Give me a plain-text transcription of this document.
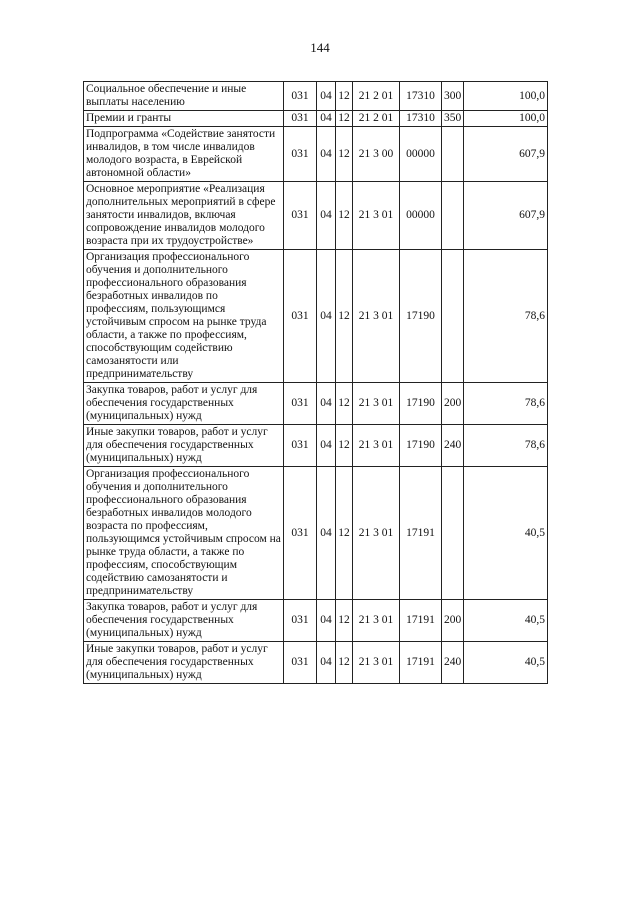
144
Социальное обеспечение и иные выплаты населению	031	04	12	21 2 01	17310	300	100,0
Премии и гранты	031	04	12	21 2 01	17310	350	100,0
Подпрограмма «Содействие занятости инвалидов, в том числе инвалидов молодого возраста, в Еврейской автономной области»	031	04	12	21 3 00	00000		607,9
Основное мероприятие «Реализация дополнительных мероприятий в сфере занятости инвалидов, включая сопровождение инвалидов молодого возраста при их трудоустройстве»	031	04	12	21 3 01	00000		607,9
Организация профессионального обучения и дополнительного профессионального образования безработных инвалидов по профессиям, пользующимся устойчивым спросом на рынке труда области, а также по профессиям, способствующим содействию самозанятости или предпринимательству	031	04	12	21 3 01	17190		78,6
Закупка товаров, работ и услуг для обеспечения государственных (муниципальных) нужд	031	04	12	21 3 01	17190	200	78,6
Иные закупки товаров, работ и услуг для обеспечения государственных (муниципальных) нужд	031	04	12	21 3 01	17190	240	78,6
Организация профессионального обучения и дополнительного профессионального образования безработных инвалидов молодого возраста по профессиям, пользующимся устойчивым спросом на рынке труда области, а также по профессиям, способствующим содействию самозанятости и предпринимательству	031	04	12	21 3 01	17191		40,5
Закупка товаров, работ и услуг для обеспечения государственных (муниципальных) нужд	031	04	12	21 3 01	17191	200	40,5
Иные закупки товаров, работ и услуг для обеспечения государственных (муниципальных) нужд	031	04	12	21 3 01	17191	240	40,5
